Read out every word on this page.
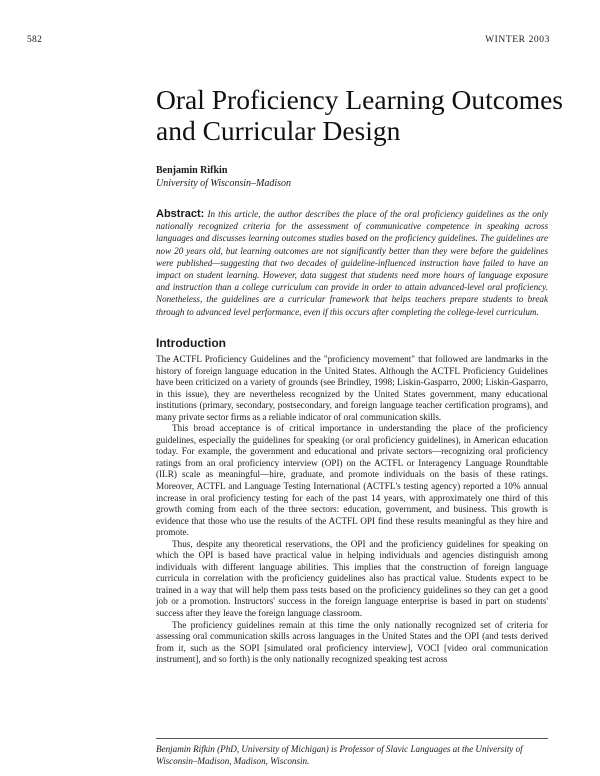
582	WINTER 2003
Oral Proficiency Learning Outcomes and Curricular Design
Benjamin Rifkin
University of Wisconsin–Madison

Abstract: In this article, the author describes the place of the oral proficiency guidelines as the only nationally recognized criteria for the assessment of communicative competence in speaking across languages and discusses learning outcomes studies based on the proficiency guidelines. The guidelines are now 20 years old, but learning outcomes are not significantly better than they were before the guidelines were published—suggesting that two decades of guideline-influenced instruction have failed to have an impact on student learning. However, data suggest that students need more hours of language exposure and instruction than a college curriculum can provide in order to attain advanced-level oral proficiency. Nonetheless, the guidelines are a curricular framework that helps teachers prepare students to break through to advanced level performance, even if this occurs after completing the college-level curriculum.

Introduction

The ACTFL Proficiency Guidelines and the "proficiency movement" that followed are landmarks in the history of foreign language education in the United States. Although the ACTFL Proficiency Guidelines have been criticized on a variety of grounds (see Brindley, 1998; Liskin-Gasparro, 2000; Liskin-Gasparro, in this issue), they are nevertheless recognized by the United States government, many educational institutions (primary, secondary, postsecondary, and foreign language teacher certification programs), and many private sector firms as a reliable indicator of oral communication skills.

This broad acceptance is of critical importance in understanding the place of the proficiency guidelines, especially the guidelines for speaking (or oral proficiency guidelines), in American education today. For example, the government and educational and private sectors—recognizing oral proficiency ratings from an oral proficiency interview (OPI) on the ACTFL or Interagency Language Roundtable (ILR) scale as meaningful—hire, graduate, and promote individuals on the basis of these ratings. Moreover, ACTFL and Language Testing International (ACTFL's testing agency) reported a 10% annual increase in oral proficiency testing for each of the past 14 years, with approximately one third of this growth coming from each of the three sectors: education, government, and business. This growth is evidence that those who use the results of the ACTFL OPI find these results meaningful as they hire and promote.

Thus, despite any theoretical reservations, the OPI and the proficiency guidelines for speaking on which the OPI is based have practical value in helping individuals and agencies distinguish among individuals with different language abilities. This implies that the construction of foreign language curricula in correlation with the proficiency guidelines also has practical value. Students expect to be trained in a way that will help them pass tests based on the proficiency guidelines so they can get a good job or a promotion. Instructors' success in the foreign language enterprise is based in part on students' success after they leave the foreign language classroom.

The proficiency guidelines remain at this time the only nationally recognized set of criteria for assessing oral communication skills across languages in the United States and the OPI (and tests derived from it, such as the SOPI [simulated oral proficiency interview], VOCI [video oral communication instrument], and so forth) is the only nationally recognized speaking test across

Benjamin Rifkin (PhD, University of Michigan) is Professor of Slavic Languages at the University of Wisconsin–Madison, Madison, Wisconsin.
